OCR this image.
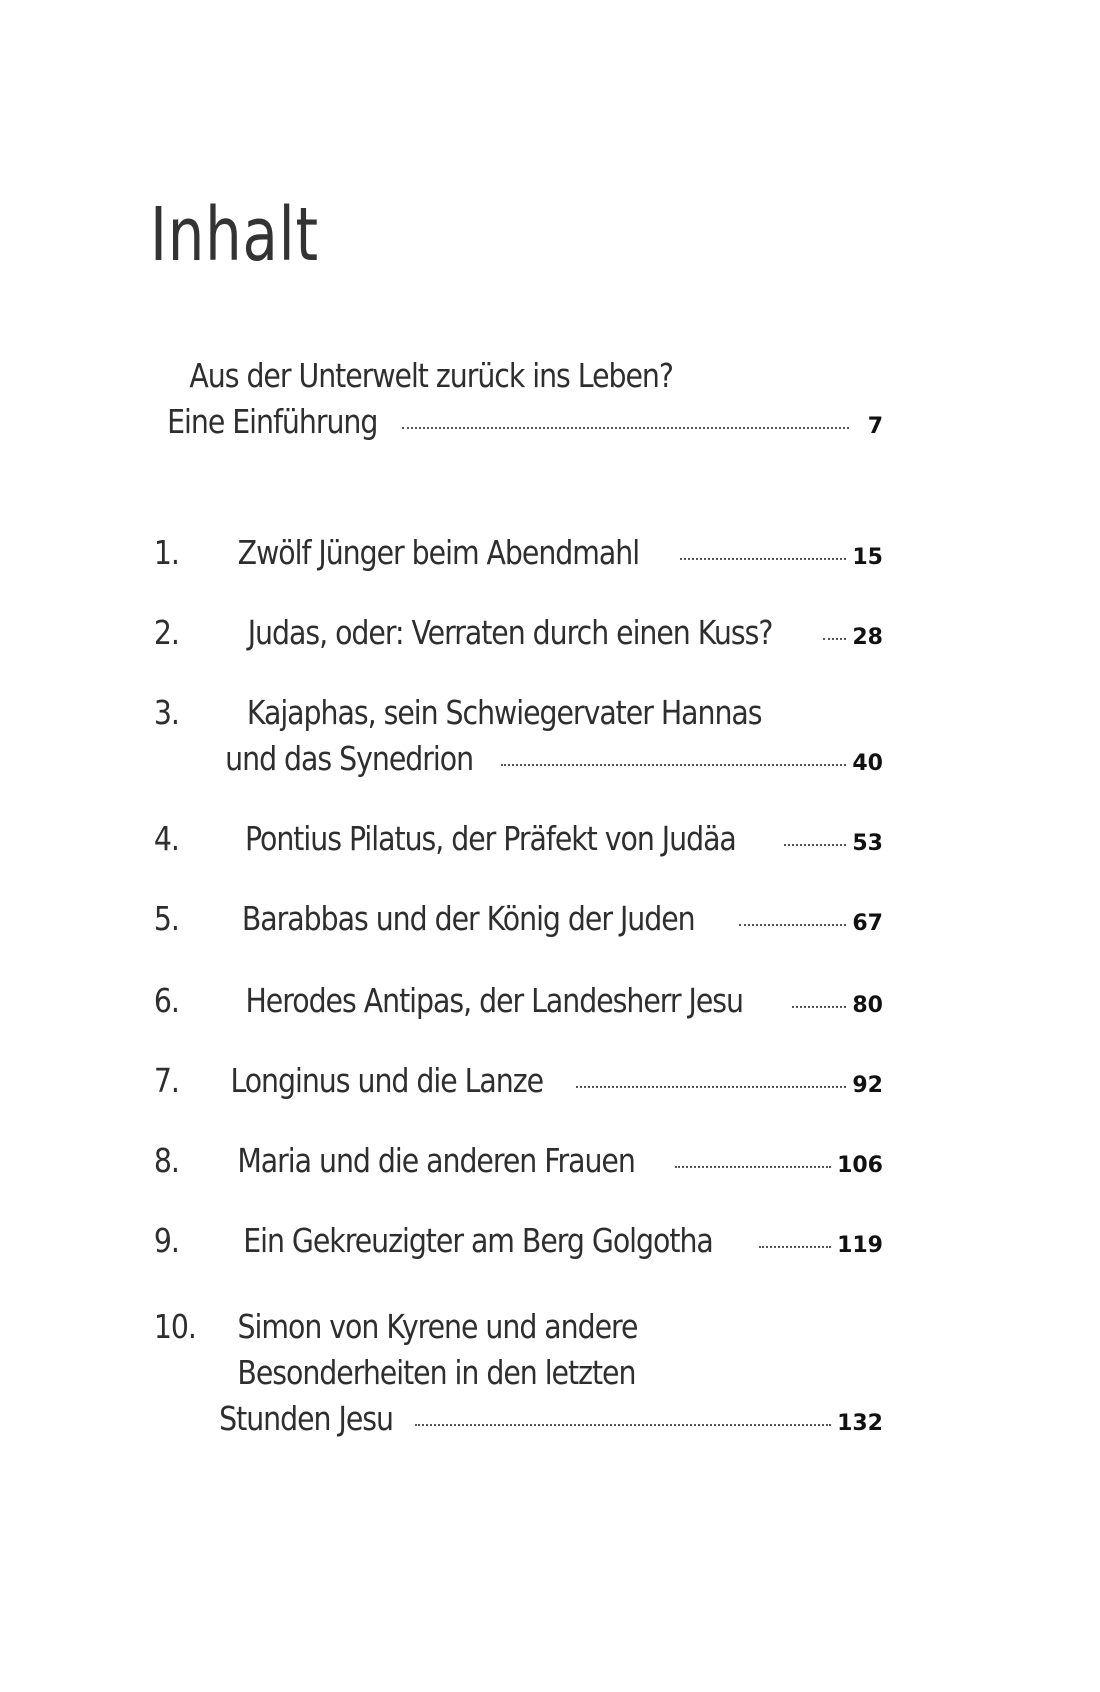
Inhalt
Aus der Unterwelt zurück ins Leben?
Eine Einführung	7
1.	Zwölf Jünger beim Abendmahl	15
2.	Judas, oder: Verraten durch einen Kuss?	28
3.	Kajaphas, sein Schwiegervater Hannas
und das Synedrion	40
4.	Pontius Pilatus, der Präfekt von Judäa	53
5.	Barabbas und der König der Juden	67
6.	Herodes Antipas, der Landesherr Jesu	80
7.	Longinus und die Lanze	92
8.	Maria und die anderen Frauen	106
9.	Ein Gekreuzigter am Berg Golgotha	119
10. Simon von Kyrene und andere
Besonderheiten in den letzten
Stunden Jesu	132
